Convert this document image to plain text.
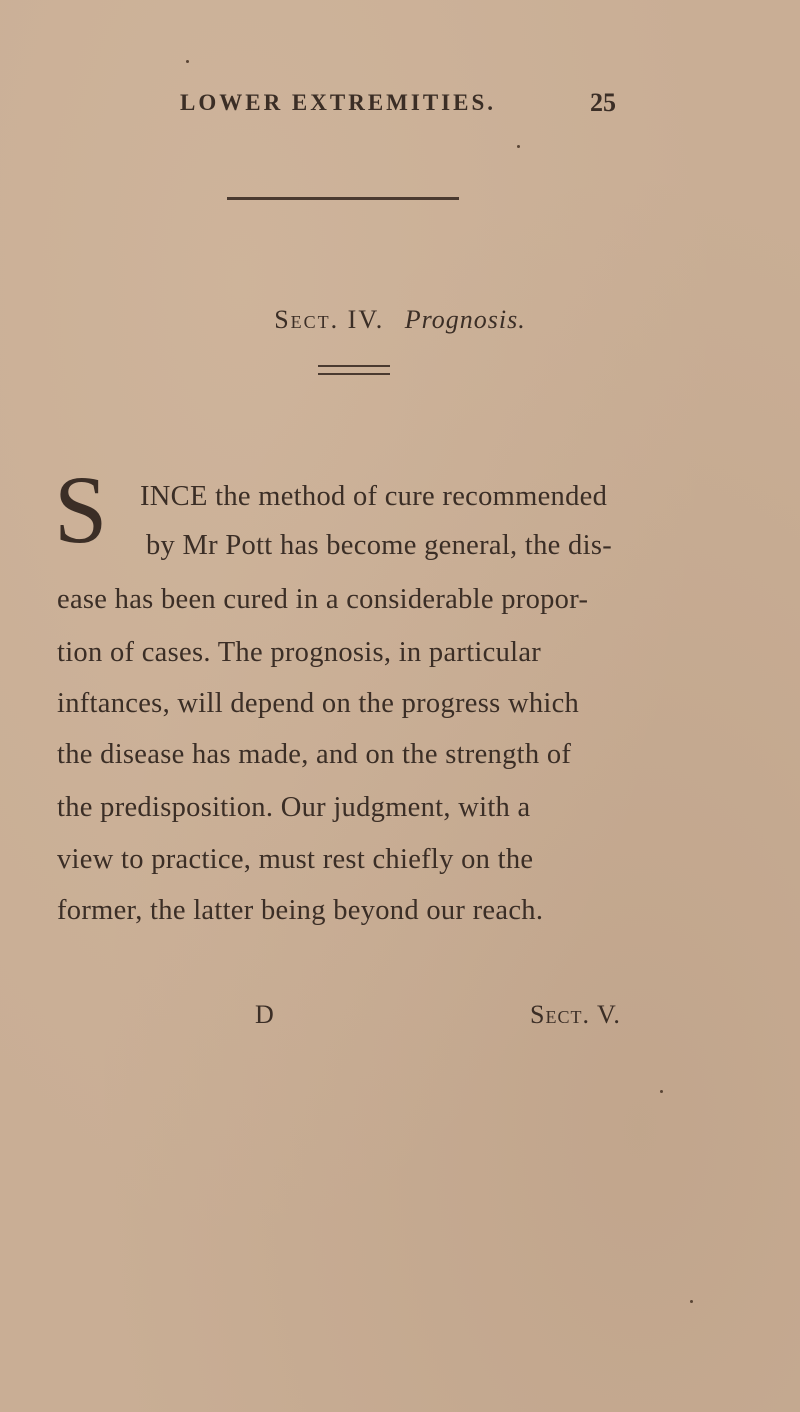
LOWER EXTREMITIES.	25
Sect. IV. Prognosis.
S INCE the method of cure recommended
by Mr Pott has become general, the dis-
ease has been cured in a considerable propor-
tion of cases. The prognosis, in particular
inftances, will depend on the progress which
the disease has made, and on the strength of
the predisposition. Our judgment, with a
view to practice, must rest chiefly on the
former, the latter being beyond our reach.
D	Sect. V.
